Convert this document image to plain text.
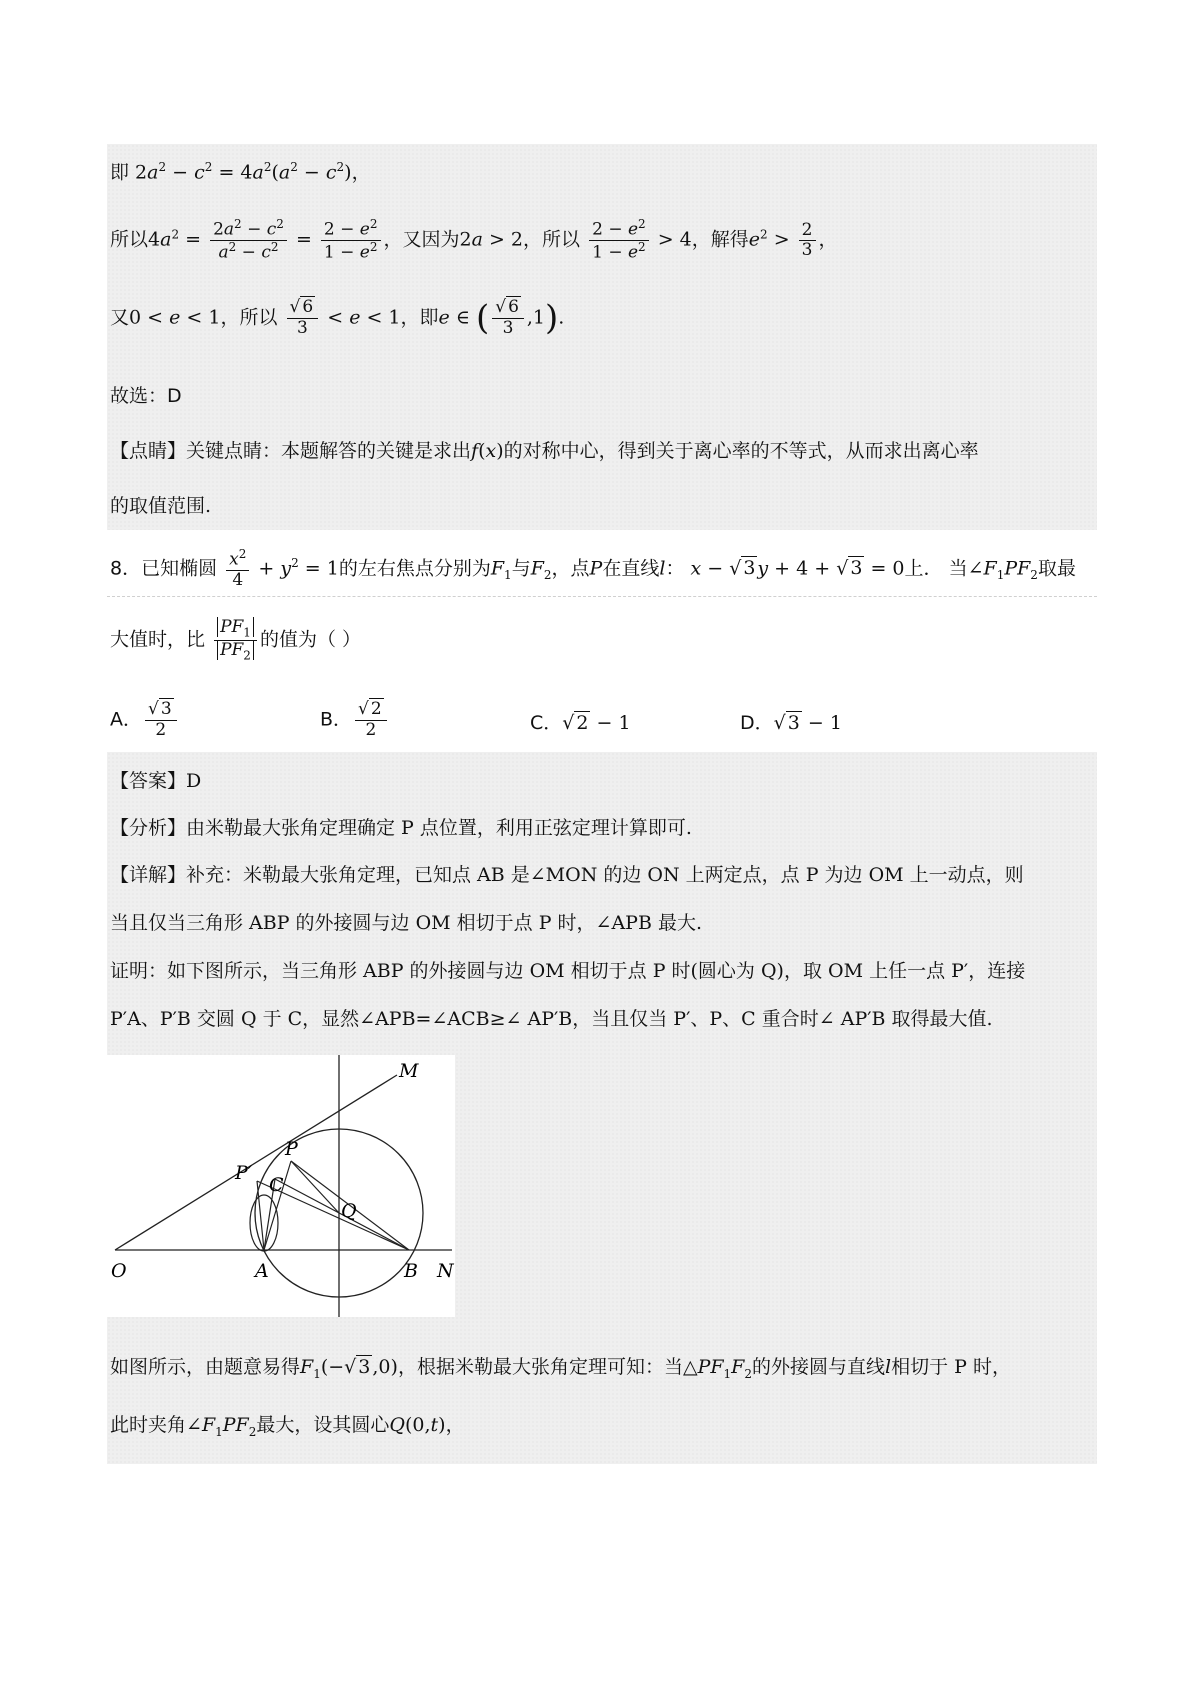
即 $2a^2 - c^2 = 4a^2(a^2 - c^2)$，
所以$4a^2 = \frac{2a^2 - c^2}{a^2 - c^2} = \frac{2 - e^2}{1 - e^2}$ ，又因为2a > 2，所以 $\frac{2 - e^2}{1 - e^2} > 4$，解得$e^2 > \frac{2}{3}$ ，
又0 < e < 1，所以 $\frac{√ 6}{3} < e < 1$，即e ∈ ( $\frac{√ 6}{3} ,1$).
故选：D
【点睛】关键点睛：本题解答的关键是求出f(x)的对称中心，得到关于离心率的不等式，从而求出离心率
的取值范围.
8．已知椭圆 $\frac{x^2}{4} + y^2 = 1$的左右焦点分别为$F_1$与$F_2$，点P在直线l： x − √ 3 y + 4 + √ 3 = 0上． 当$\angle F_1PF_2$取最
大值时，比 $\frac{PF_1}{PF_2}$ 的值为（ ）
A． $\frac{√ 3}{2}$	B． $\frac{√ 2}{2}$	C．√ 2 − 1	D．√ 3 − 1
【答案】D
【分析】由米勒最大张角定理确定 P 点位置，利用正弦定理计算即可.
【详解】补充：米勒最大张角定理，已知点 AB 是∠MON 的边 ON 上两定点，点 P 为边 OM 上一动点，则
当且仅当三角形 ABP 的外接圆与边 OM 相切于点 P 时，∠APB 最大.
证明：如下图所示，当三角形 ABP 的外接圆与边 OM 相切于点 P 时(圆心为 Q)，取 OM 上任一点 P′，连接
P′A、P′B 交圆 Q 于 C，显然∠APB=∠ACB≥∠ AP′B，当且仅当 P′、P、C 重合时∠ AP′B 取得最大值.
M
P
P′
C
Q
O	A	B N
如图所示，由题意易得$F_1(-√$ 3 ,0)，根据米勒最大张角定理可知：当$\triangle PF_1F_2$的外接圆与直线l相切于 P 时，
此时夹角$\angle F_1PF_2$最大，设其圆心Q(0,t)，
